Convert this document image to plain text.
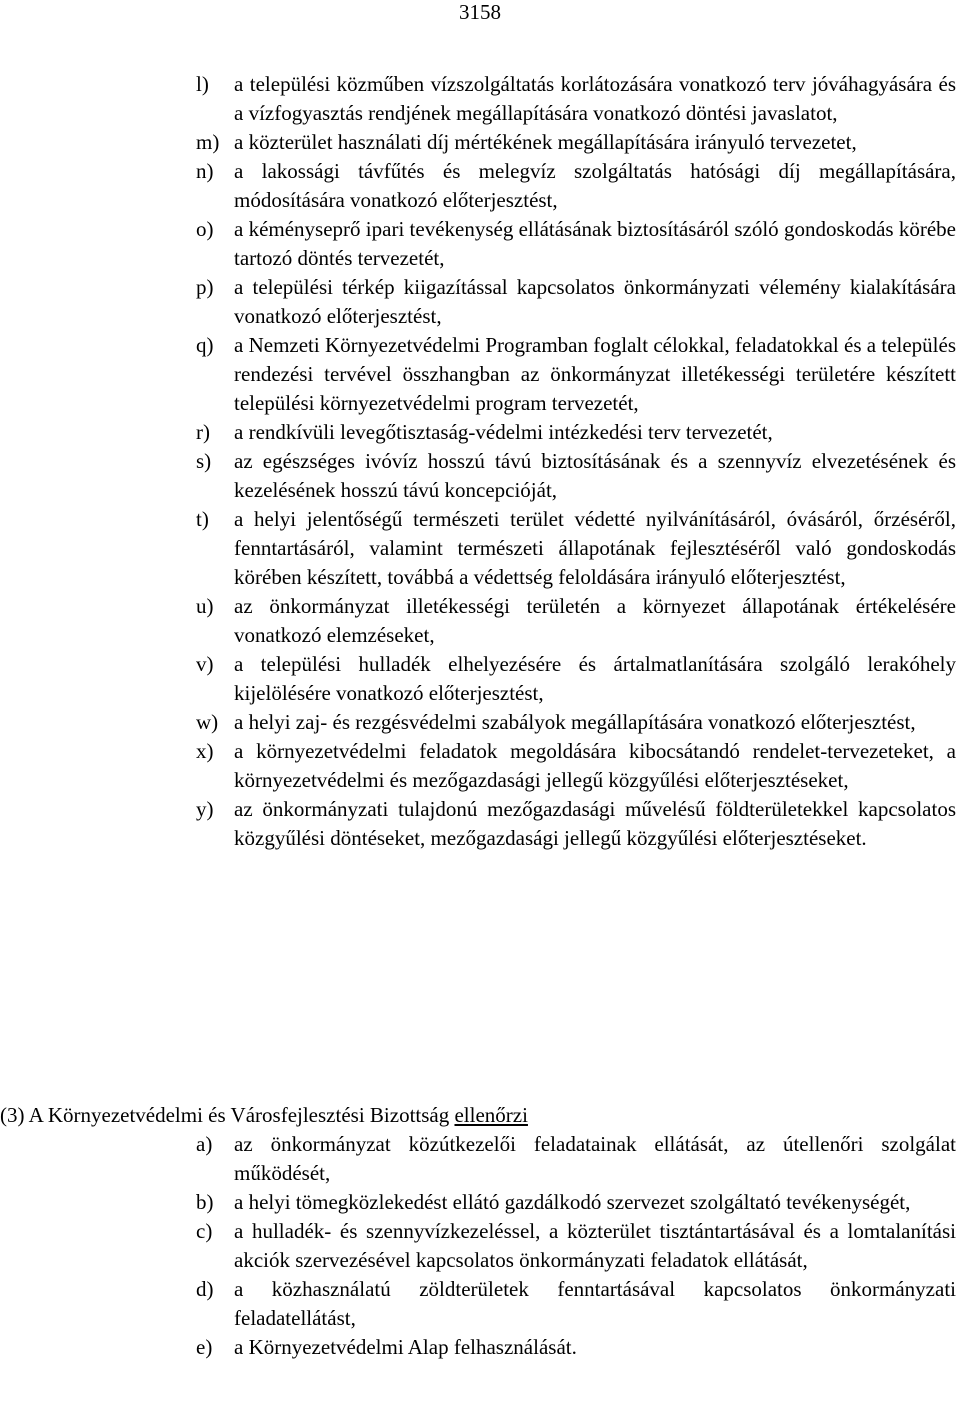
3158
l) a települési közműben vízszolgáltatás korlátozására vonatkozó terv jóváhagyására és a vízfogyasztás rendjének megállapítására vonatkozó döntési javaslatot,
m) a közterület használati díj mértékének megállapítására irányuló tervezetet,
n) a lakossági távfűtés és melegvíz szolgáltatás hatósági díj megállapítására, módosítására vonatkozó előterjesztést,
o) a kéményseprő ipari tevékenység ellátásának biztosításáról szóló gondoskodás körébe tartozó döntés tervezetét,
p) a települési térkép kiigazítással kapcsolatos önkormányzati vélemény kialakítására vonatkozó előterjesztést,
q) a Nemzeti Környezetvédelmi Programban foglalt célokkal, feladatokkal és a település rendezési tervével összhangban az önkormányzat illetékességi területére készített települési környezetvédelmi program tervezetét,
r) a rendkívüli levegőtisztaság-védelmi intézkedési terv tervezetét,
s) az egészséges ivóvíz hosszú távú biztosításának és a szennyvíz elvezetésének és kezelésének hosszú távú koncepcióját,
t) a helyi jelentőségű természeti terület védetté nyilvánításáról, óvásáról, őrzéséről, fenntartásáról, valamint természeti állapotának fejlesztéséről való gondoskodás körében készített, továbbá a védettség feloldására irányuló előterjesztést,
u) az önkormányzat illetékességi területén a környezet állapotának értékelésére vonatkozó elemzéseket,
v) a települési hulladék elhelyezésére és ártalmatlanítására szolgáló lerakóhely kijelölésére vonatkozó előterjesztést,
w) a helyi zaj- és rezgésvédelmi szabályok megállapítására vonatkozó előterjesztést,
x) a környezetvédelmi feladatok megoldására kibocsátandó rendelet-tervezeteket, a környezetvédelmi és mezőgazdasági jellegű közgyűlési előterjesztéseket,
y) az önkormányzati tulajdonú mezőgazdasági művelésű földterületekkel kapcsolatos közgyűlési döntéseket, mezőgazdasági jellegű közgyűlési előterjesztéseket.
(3) A Környezetvédelmi és Városfejlesztési Bizottság ellenőrzi
a) az önkormányzat közútkezelői feladatainak ellátását, az útellenőri szolgálat működését,
b) a helyi tömegközlekedést ellátó gazdálkodó szervezet szolgáltató tevékenységét,
c) a hulladék- és szennyvízkezeléssel, a közterület tisztántartásával és a lomtalanítási akciók szervezésével kapcsolatos önkormányzati feladatok ellátását,
d) a közhasználatú zöldterületek fenntartásával kapcsolatos önkormányzati feladatellátást,
e) a Környezetvédelmi Alap felhasználását.
